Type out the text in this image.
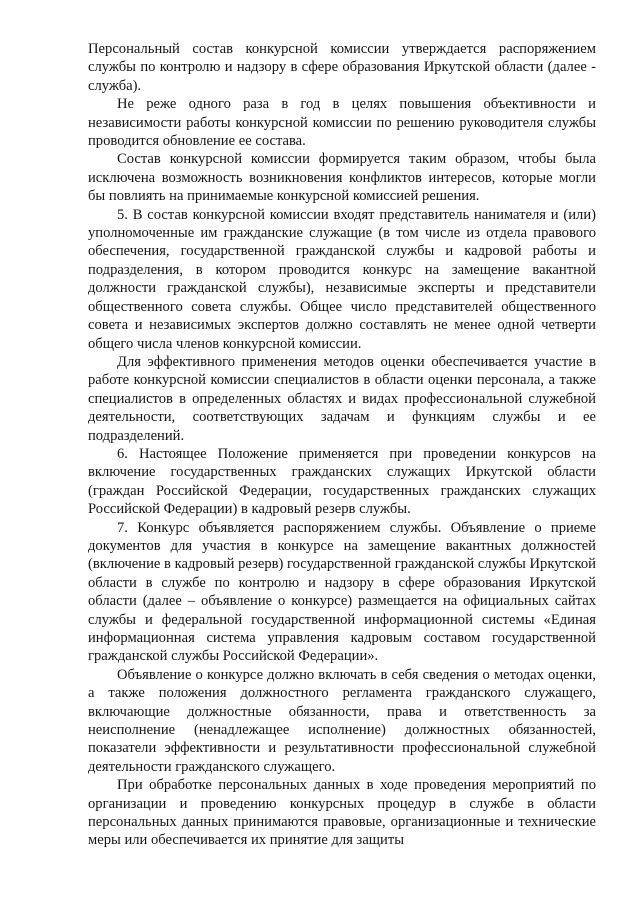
Персональный состав конкурсной комиссии утверждается распоряжением службы по контролю и надзору в сфере образования Иркутской области (далее - служба).

Не реже одного раза в год в целях повышения объективности и независимости работы конкурсной комиссии по решению руководителя службы проводится обновление ее состава.

Состав конкурсной комиссии формируется таким образом, чтобы была исключена возможность возникновения конфликтов интересов, которые могли бы повлиять на принимаемые конкурсной комиссией решения.

5. В состав конкурсной комиссии входят представитель нанимателя и (или) уполномоченные им гражданские служащие (в том числе из отдела правового обеспечения, государственной гражданской службы и кадровой работы и подразделения, в котором проводится конкурс на замещение вакантной должности гражданской службы), независимые эксперты и представители общественного совета службы. Общее число представителей общественного совета и независимых экспертов должно составлять не менее одной четверти общего числа членов конкурсной комиссии.

Для эффективного применения методов оценки обеспечивается участие в работе конкурсной комиссии специалистов в области оценки персонала, а также специалистов в определенных областях и видах профессиональной служебной деятельности, соответствующих задачам и функциям службы и ее подразделений.

6. Настоящее Положение применяется при проведении конкурсов на включение государственных гражданских служащих Иркутской области (граждан Российской Федерации, государственных гражданских служащих Российской Федерации) в кадровый резерв службы.

7. Конкурс объявляется распоряжением службы. Объявление о приеме документов для участия в конкурсе на замещение вакантных должностей (включение в кадровый резерв) государственной гражданской службы Иркутской области в службе по контролю и надзору в сфере образования Иркутской области (далее – объявление о конкурсе) размещается на официальных сайтах службы и федеральной государственной информационной системы «Единая информационная система управления кадровым составом государственной гражданской службы Российской Федерации».

Объявление о конкурсе должно включать в себя сведения о методах оценки, а также положения должностного регламента гражданского служащего, включающие должностные обязанности, права и ответственность за неисполнение (ненадлежащее исполнение) должностных обязанностей, показатели эффективности и результативности профессиональной служебной деятельности гражданского служащего.

При обработке персональных данных в ходе проведения мероприятий по организации и проведению конкурсных процедур в службе в области персональных данных принимаются правовые, организационные и технические меры или обеспечивается их принятие для защиты
